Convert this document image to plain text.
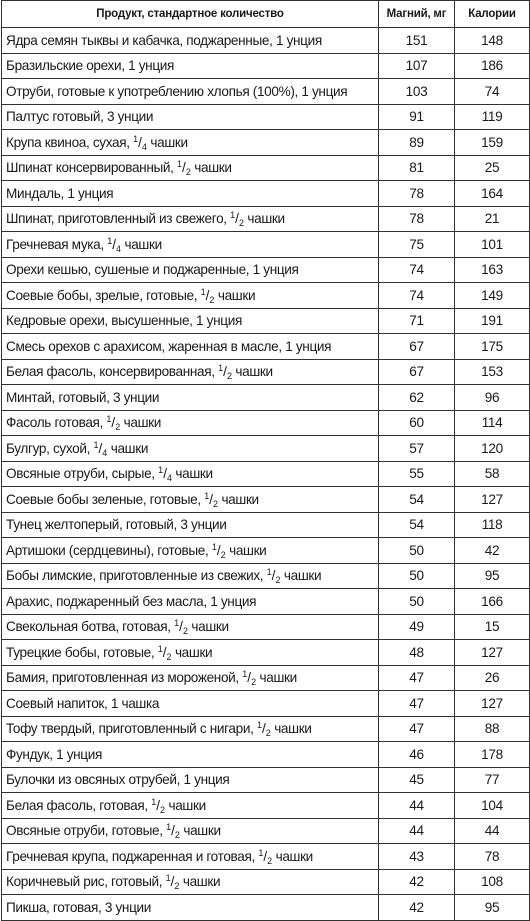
Продукт, стандартное количество	Магний, мг	Калории
Ядра семян тыквы и кабачка, поджаренные, 1 унция	151	148
Бразильские орехи, 1 унция	107	186
Отруби, готовые к употреблению хлопья (100%), 1 унция	103	74
Палтус готовый, 3 унции	91	119
Крупа квиноа, сухая, $^1/_4$ чашки	89	159
Шпинат консервированный, $^1/_2$ чашки	81	25
Миндаль, 1 унция	78	164
Шпинат, приготовленный из свежего, $^1/_2$ чашки	78	21
Гречневая мука, $^1/_4$ чашки	75	101
Орехи кешью, сушеные и поджаренные, 1 унция	74	163
Соевые бобы, зрелые, готовые, $^1/_2$ чашки	74	149
Кедровые орехи, высушенные, 1 унция	71	191
Смесь орехов с арахисом, жаренная в масле, 1 унция	67	175
Белая фасоль, консервированная, $^1/_2$ чашки	67	153
Минтай, готовый, 3 унции	62	96
Фасоль готовая, $^1/_2$ чашки	60	114
Булгур, сухой, $^1/_4$ чашки	57	120
Овсяные отруби, сырые, $^1/_4$ чашки	55	58
Соевые бобы зеленые, готовые, $^1/_2$ чашки	54	127
Тунец желтоперый, готовый, 3 унции	54	118
Артишоки (сердцевины), готовые, $^1/_2$ чашки	50	42
Бобы лимские, приготовленные из свежих, $^1/_2$ чашки	50	95
Арахис, поджаренный без масла, 1 унция	50	166
Свекольная ботва, готовая, $^1/_2$ чашки	49	15
Турецкие бобы, готовые, $^1/_2$ чашки	48	127
Бамия, приготовленная из мороженой, $^1/_2$ чашки	47	26
Соевый напиток, 1 чашка	47	127
Тофу твердый, приготовленный с нигари, $^1/_2$ чашки	47	88
Фундук, 1 унция	46	178
Булочки из овсяных отрубей, 1 унция	45	77
Белая фасоль, готовая, $^1/_2$ чашки	44	104
Овсяные отруби, готовые, $^1/_2$ чашки	44	44
Гречневая крупа, поджаренная и готовая, $^1/_2$ чашки	43	78
Коричневый рис, готовый, $^1/_2$ чашки	42	108
Пикша, готовая, 3 унции	42	95
